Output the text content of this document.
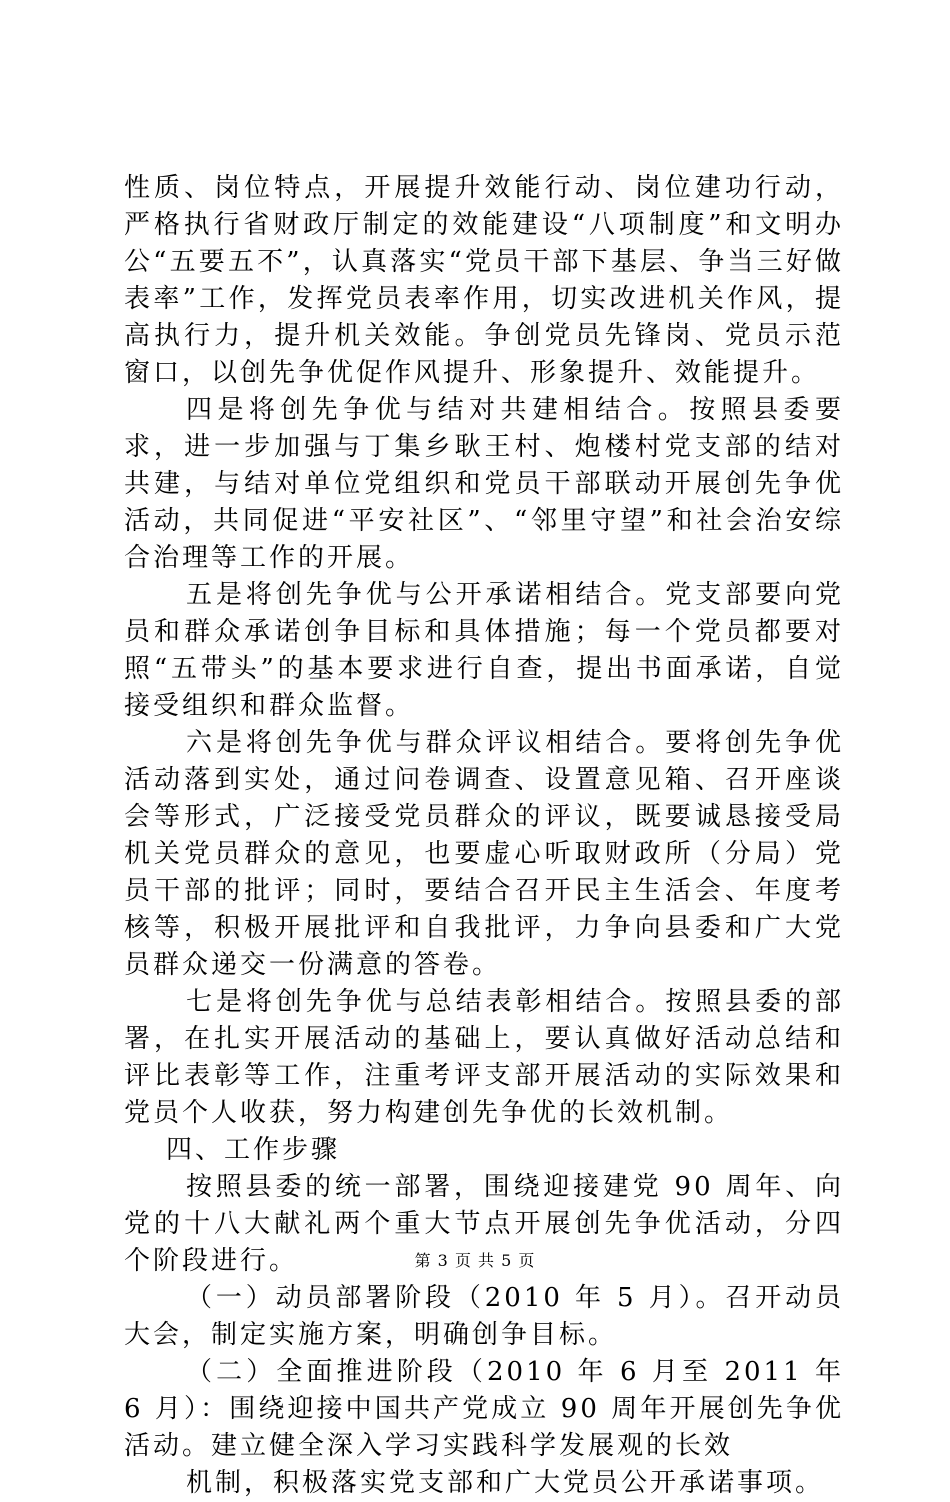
性质、岗位特点，开展提升效能行动、岗位建功行动，严格执行省财政厅制定的效能建设“八项制度”和文明办公“五要五不”，认真落实“党员干部下基层、争当三好做表率”工作，发挥党员表率作用，切实改进机关作风，提高执行力，提升机关效能。争创党员先锋岗、党员示范窗口，以创先争优促作风提升、形象提升、效能提升。

四是将创先争优与结对共建相结合。按照县委要求，进一步加强与丁集乡耿王村、炮楼村党支部的结对共建，与结对单位党组织和党员干部联动开展创先争优活动，共同促进“平安社区”、“邻里守望”和社会治安综合治理等工作的开展。

五是将创先争优与公开承诺相结合。党支部要向党员和群众承诺创争目标和具体措施；每一个党员都要对照“五带头”的基本要求进行自查，提出书面承诺，自觉接受组织和群众监督。

六是将创先争优与群众评议相结合。要将创先争优活动落到实处，通过问卷调查、设置意见箱、召开座谈会等形式，广泛接受党员群众的评议，既要诚恳接受局机关党员群众的意见，也要虚心听取财政所（分局）党员干部的批评；同时，要结合召开民主生活会、年度考核等，积极开展批评和自我批评，力争向县委和广大党员群众递交一份满意的答卷。

七是将创先争优与总结表彰相结合。按照县委的部署，在扎实开展活动的基础上，要认真做好活动总结和评比表彰等工作，注重考评支部开展活动的实际效果和党员个人收获，努力构建创先争优的长效机制。

四、工作步骤

按照县委的统一部署，围绕迎接建党 90 周年、向党的十八大献礼两个重大节点开展创先争优活动，分四个阶段进行。

（一）动员部署阶段（2010 年 5 月）。召开动员大会，制定实施方案，明确创争目标。

（二）全面推进阶段（2010 年 6 月至 2011 年 6 月）：围绕迎接中国共产党成立 90 周年开展创先争优活动。建立健全深入学习实践科学发展观的长效

机制，积极落实党支部和广大党员公开承诺事项。

第 3 页 共 5 页
